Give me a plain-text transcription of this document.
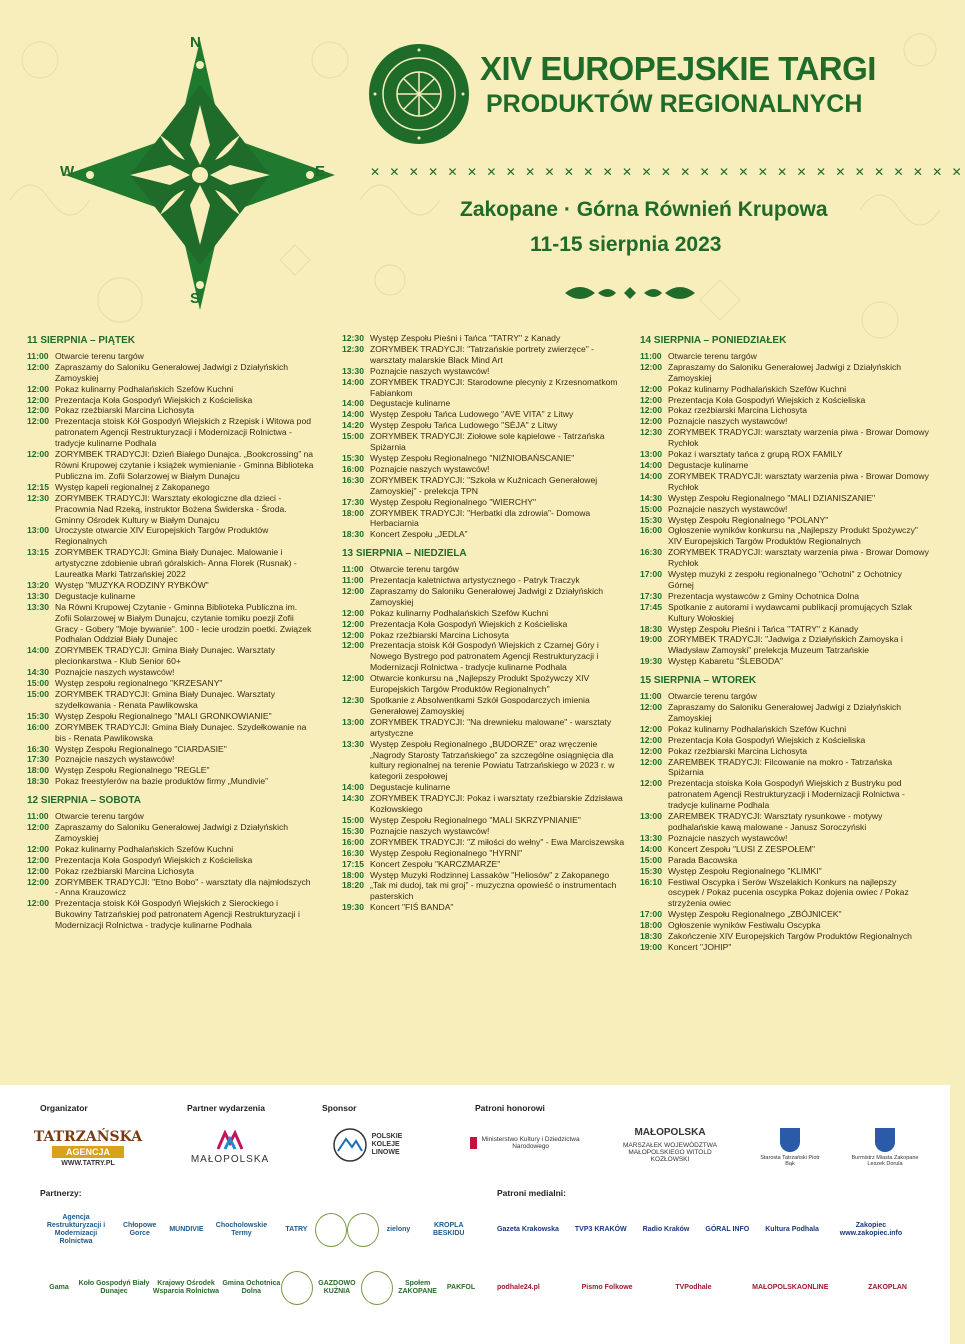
N
S
W	E
XIV EUROPEJSKIE TARGI
PRODUKTÓW REGIONALNYCH
✕ ✕ ✕ ✕ ✕ ✕ ✕ ✕ ✕ ✕ ✕ ✕ ✕ ✕ ✕ ✕ ✕ ✕ ✕ ✕ ✕ ✕ ✕ ✕ ✕ ✕ ✕ ✕ ✕ ✕ ✕
Zakopane · Górna Równień Krupowa
11-15 sierpnia 2023
11 SIERPNIA – PIĄTEK
11:00 Otwarcie terenu targów
12:00 Zapraszamy do Saloniku Generałowej Jadwigi z Działyńskich Zamoyskiej
12:00 Pokaz kulinarny Podhalańskich Szefów Kuchni
12:00 Prezentacja Koła Gospodyń Wiejskich z Kościeliska
12:00 Pokaz rzeźbiarski Marcina Lichosyta
12:00 Prezentacja stoisk Kół Gospodyń Wiejskich z Rzepisk i Witowa pod patronatem Agencji Restrukturyzacji i Modernizacji Rolnictwa - tradycje kulinarne Podhala
12:00 ZORYMBEK TRADYCJI: Dzień Białego Dunajca. „Bookcrossing” na Równi Krupowej czytanie i książek wymienianie - Gminna Biblioteka Publiczna im. Zofii Solarzowej w Białym Dunajcu
12:15 Występ kapeli regionalnej z Zakopanego
12:30 ZORYMBEK TRADYCJI: Warsztaty ekologiczne dla dzieci - Pracownia Nad Rzeką, instruktor Bożena Świderska - Środa. Gminny Ośrodek Kultury w Białym Dunajcu
13:00 Uroczyste otwarcie XIV Europejskich Targów Produktów Regionalnych
13:15 ZORYMBEK TRADYCJI: Gmina Biały Dunajec. Malowanie i artystyczne zdobienie ubrań góralskich- Anna Florek (Rusnak) - Laureatka Marki Tatrzańskiej 2022
13:20 Występ "MUZYKA RODZINY RYBKÓW"
13:30 Degustacje kulinarne
13:30 Na Równi Krupowej Czytanie - Gminna Biblioteka Publiczna im. Zofii Solarzowej w Białym Dunajcu, czytanie tomiku poezji Zofii Gracy - Gobery "Moje bywanie". 100 - lecie urodzin poetki. Związek Podhalan Oddział Biały Dunajec
14:00 ZORYMBEK TRADYCJI: Gmina Biały Dunajec. Warsztaty plecionkarstwa - Klub Senior 60+
14:30 Poznajcie naszych wystawców!
15:00 Występ zespołu regionalnego "KRZESANY"
15:00 ZORYMBEK TRADYCJI: Gmina Biały Dunajec. Warsztaty szydełkowania - Renata Pawlikowska
15:30 Występ Zespołu Regionalnego "MALI GRONKOWIANIE"
16:00 ZORYMBEK TRADYCJI: Gmina Biały Dunajec. Szydełkowanie na bis - Renata Pawlikowska
16:30 Występ Zespołu Regionalnego "CIARDASIE"
17:30 Poznajcie naszych wystawców!
18:00 Występ Zespołu Regionalnego "REGLE"
18:30 Pokaz freestylerów na bazie produktów firmy „Mundivie”
12 SIERPNIA – SOBOTA
11:00 Otwarcie terenu targów
12:00 Zapraszamy do Saloniku Generałowej Jadwigi z Działyńskich Zamoyskiej
12:00 Pokaz kulinarny Podhalańskich Szefów Kuchni
12:00 Prezentacja Koła Gospodyń Wiejskich z Kościeliska
12:00 Pokaz rzeźbiarski Marcina Lichosyta
12:00 ZORYMBEK TRADYCJI: "Etno Bobo" - warsztaty dla najmłodszych - Anna Krauzowicz
12:00 Prezentacja stoisk Kół Gospodyń Wiejskich z Sierockiego i Bukowiny Tatrzańskiej pod patronatem Agencji Restrukturyzacji i Modernizacji Rolnictwa - tradycje kulinarne Podhala
12:30 Występ Zespołu Pieśni i Tańca "TATRY" z Kanady
12:30 ZORYMBEK TRADYCJI: "Tatrzańskie portrety zwierzęce" - warsztaty malarskie Black Mind Art
13:30 Poznajcie naszych wystawców!
14:00 ZORYMBEK TRADYCJI: Starodowne plecyniy z Krzesnomatkom Fabiankom
14:00 Degustacje kulinarne
14:00 Występ Zespołu Tańca Ludowego "AVE VITA" z Litwy
14:20 Występ Zespołu Tańca Ludowego "SĖJA" z Litwy
15:00 ZORYMBEK TRADYCJI: Ziołowe sole kąpielowe - Tatrzańska Spiżarnia
15:30 Występ Zespołu Regionalnego "NIŻNIOBAŃSCANIE"
16:00 Poznajcie naszych wystawców!
16:30 ZORYMBEK TRADYCJI: "Szkoła w Kuźnicach Generałowej Zamoyskiej" - prelekcja TPN
17:30 Występ Zespołu Regionalnego "WIERCHY"
18:00 ZORYMBEK TRADYCJI: "Herbatki dla zdrowia"- Domowa Herbaciarnia
18:30 Koncert Zespołu „JEDLA”
13 SIERPNIA – NIEDZIELA
11:00 Otwarcie terenu targów
11:00 Prezentacja kaletnictwa artystycznego - Patryk Traczyk
12:00 Zapraszamy do Saloniku Generałowej Jadwigi z Działyńskich Zamoyskiej
12:00 Pokaz kulinarny Podhalańskich Szefów Kuchni
12:00 Prezentacja Koła Gospodyń Wiejskich z Kościeliska
12:00 Pokaz rzeźbiarski Marcina Lichosyta
12:00 Prezentacja stoisk Kół Gospodyń Wiejskich z Czarnej Góry i Nowego Bystrego pod patronatem Agencji Restrukturyzacji i Modernizacji Rolnictwa - tradycje kulinarne Podhala
12:00 Otwarcie konkursu na „Najlepszy Produkt Spożywczy XIV Europejskich Targów Produktów Regionalnych"
12:30 Spotkanie z Absolwentkami Szkół Gospodarczych imienia Generałowej Zamoyskiej
13:00 ZORYMBEK TRADYCJI: "Na drewnieku malowane" - warsztaty artystyczne
13:30 Występ Zespołu Regionalnego „BUDORZE” oraz wręczenie „Nagrody Starosty Tatrzańskiego” za szczególne osiągnięcia dla kultury regionalnej na terenie Powiatu Tatrzańskiego w 2023 r. w kategorii zespołowej
14:00 Degustacje kulinarne
14:30 ZORYMBEK TRADYCJI: Pokaz i warsztaty rzeźbiarskie Zdzisława Kozłowskiego
15:00 Występ Zespołu Regionalnego "MALI SKRZYPNIANIE"
15:30 Poznajcie naszych wystawców!
16:00 ZORYMBEK TRADYCJI: "Z miłości do wełny" - Ewa Marciszewska
16:30 Występ Zespołu Regionalnego "HYRNI"
17:15 Koncert Zespołu "KARCZMARZE"
18:00 Występ Muzyki Rodzinnej Lassaków "Heliosów" z Zakopanego
18:20 „Tak mi dudoj, tak mi groj” - muzyczna opowieść o instrumentach pasterskich
19:30 Koncert "FIŚ BANDA"
14 SIERPNIA – PONIEDZIAŁEK
11:00 Otwarcie terenu targów
12:00 Zapraszamy do Saloniku Generałowej Jadwigi z Działyńskich Zamoyskiej
12:00 Pokaz kulinarny Podhalańskich Szefów Kuchni
12:00 Prezentacja Koła Gospodyń Wiejskich z Kościeliska
12:00 Pokaz rzeźbiarski Marcina Lichosyta
12:00 Poznajcie naszych wystawców!
12:30 ZORYMBEK TRADYCJI: warsztaty warzenia piwa - Browar Domowy Rychłok
13:00 Pokaz i warsztaty tańca z grupą ROX FAMILY
14:00 Degustacje kulinarne
14:00 ZORYMBEK TRADYCJI: warsztaty warzenia piwa - Browar Domowy Rychłok
14:30 Występ Zespołu Regionalnego "MALI DZIANISZANIE"
15:00 Poznajcie naszych wystawców!
15:30 Występ Zespołu Regionalnego "POLANY"
16:00 Ogłoszenie wyników konkursu na „Najlepszy Produkt Spożywczy" XIV Europejskich Targów Produktów Regionalnych
16:30 ZORYMBEK TRADYCJI: warsztaty warzenia piwa - Browar Domowy Rychłok
17:00 Występ muzyki z zespołu regionalnego "Ochotni" z Ochotnicy Górnej
17:30 Prezentacja wystawców z Gminy Ochotnica Dolna
17:45 Spotkanie z autorami i wydawcami publikacji promujących Szlak Kultury Wołoskiej
18:30 Występ Zespołu Pieśni i Tańca "TATRY" z Kanady
19:00 ZORYMBEK TRADYCJI: "Jadwiga z Działyńskich Zamoyska i Władysław Zamoyski" prelekcja Muzeum Tatrzańskie
19:30 Występ Kabaretu "ŚLEBODA"
15 SIERPNIA – WTOREK
11:00 Otwarcie terenu targów
12:00 Zapraszamy do Saloniku Generałowej Jadwigi z Działyńskich Zamoyskiej
12:00 Pokaz kulinarny Podhalańskich Szefów Kuchni
12:00 Prezentacja Koła Gospodyń Wiejskich z Kościeliska
12:00 Pokaz rzeźbiarski Marcina Lichosyta
12:00 ZAREMBEK TRADYCJI: Filcowanie na mokro - Tatrzańska Spiżarnia
12:00 Prezentacja stoiska Koła Gospodyń Wiejskich z Bustryku pod patronatem Agencji Restrukturyzacji i Modernizacji Rolnictwa - tradycje kulinarne Podhala
13:00 ZAREMBEK TRADYCJI: Warsztaty rysunkowe - motywy podhalańskie kawą malowane - Janusz Soroczyński
13:30 Poznajcie naszych wystawców!
14:00 Koncert Zespołu "LUSI Z ZESPOŁEM"
15:00 Parada Bacowska
15:30 Występ Zespołu Regionalnego "KLIMKI"
16:10 Festiwal Oscypka i Serów Wszelakich Konkurs na najlepszy oscypek / Pokaz pucenia oscypka Pokaz dojenia owiec / Pokaz strzyżenia owiec
17:00 Występ Zespołu Regionalnego „ZBÓJNICEK"
18:00 Ogłoszenie wyników Festiwalu Oscypka
18:30 Zakończenie XIV Europejskich Targów Produktów Regionalnych
19:00 Koncert "JOHIP"
Organizator	Partner wydarzenia	Sponsor	Patroni honorowi
TATRZAŃSKA
AGENCJA
WWW.TATRY.PL	MAŁOPOLSKA
POLSKIE
KOLEJE
LINOWE
Ministerstwo Kultury i Dziedzictwa Narodowego
MAŁOPOLSKA
MARSZAŁEK WOJEWÓDZTWA MAŁOPOLSKIEGO WITOLD KOZŁOWSKI	Starosta Tatrzański Piotr Bąk
Burmistrz Miasta Zakopane Leszek Dorula
Partnerzy:	Patroni medialni:
Agencja Restrukturyzacji i Modernizacji Rolnictwa
Chłopowe Gorce
MUNDIVIE
Chocholowskie Termy
TATRY	zielony
KROPLA BESKIDU
Gama
Koło Gospodyń Biały Dunajec
Krajowy Ośrodek Wsparcia Rolnictwa
Gmina Ochotnica Dolna
GAZDOWO KUŹNIA
Społem ZAKOPANE
PAKFOL
Gazeta Krakowska TVP3 KRAKÓW Radio Kraków GÓRAL INFO Kultura Podhala
Zakopiec www.zakopiec.info
podhale24.pl	Pismo Folkowe	TVPodhale	MAŁOPOLSKAONLINE	ZAKOPLAN
